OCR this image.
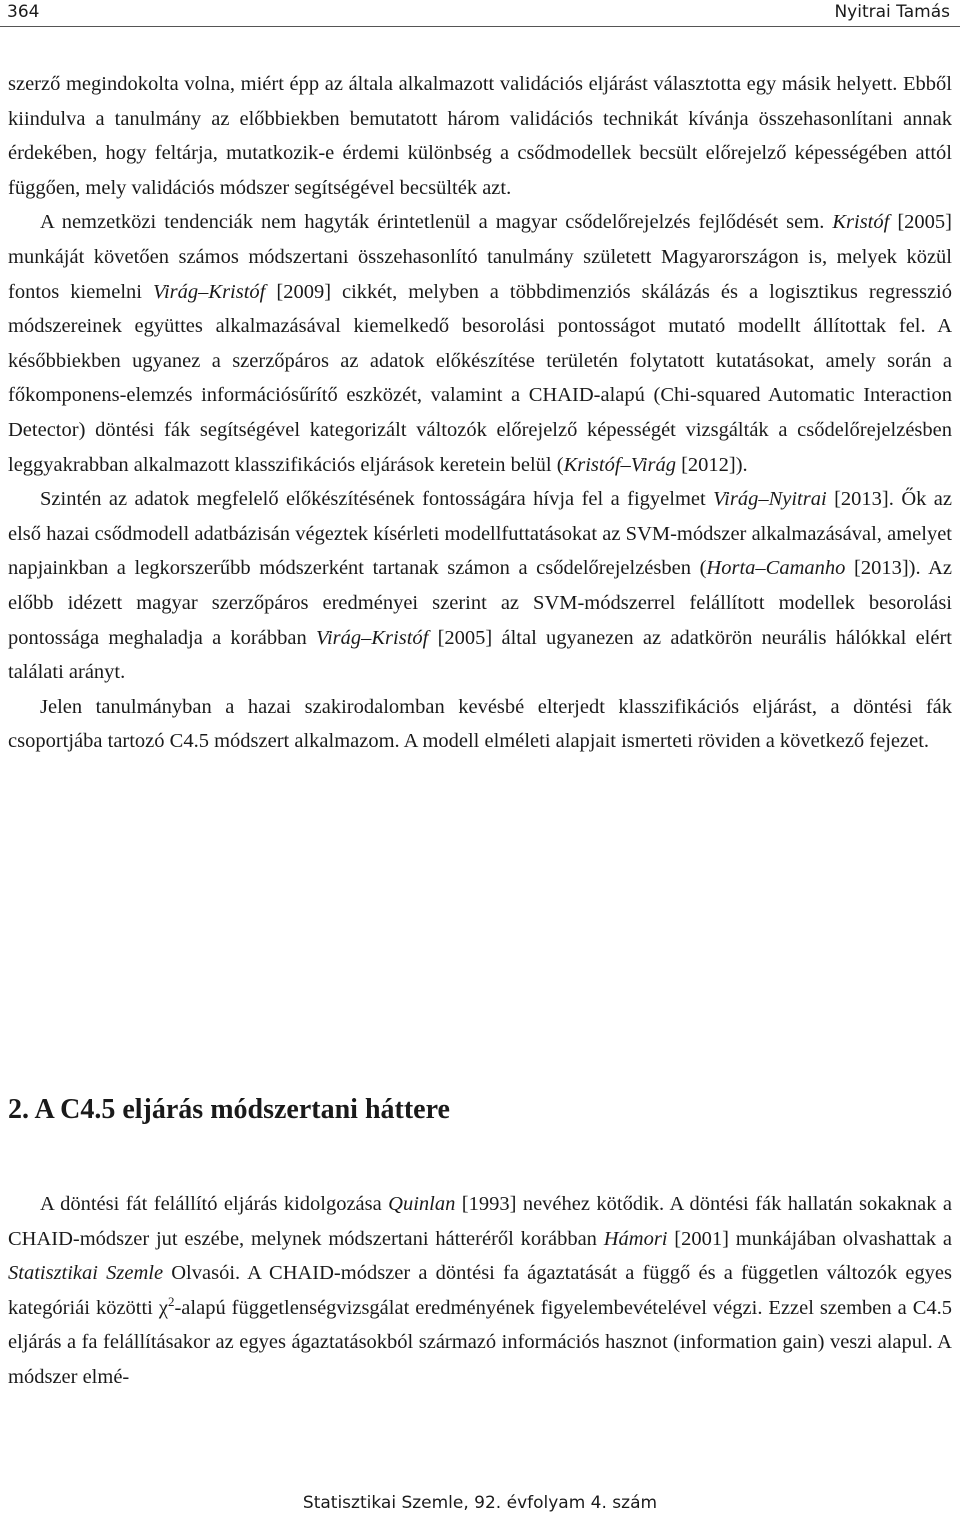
364	Nyitrai Tamás

szerző megindokolta volna, miért épp az általa alkalmazott validációs eljárást választotta egy másik helyett. Ebből kiindulva a tanulmány az előbbiekben bemutatott három validációs technikát kívánja összehasonlítani annak érdekében, hogy feltárja, mutatkozik-e érdemi különbség a csődmodellek becsült előrejelző képességében attól függően, mely validációs módszer segítségével becsülték azt.

A nemzetközi tendenciák nem hagyták érintetlenül a magyar csődelőrejelzés fejlődését sem. Kristóf [2005] munkáját követően számos módszertani összehasonlító tanulmány született Magyarországon is, melyek közül fontos kiemelni Virág–Kristóf [2009] cikkét, melyben a többdimenziós skálázás és a logisztikus regresszió módszereinek együttes alkalmazásával kiemelkedő besorolási pontosságot mutató modellt állítottak fel. A későbbiekben ugyanez a szerzőpáros az adatok előkészítése területén folytatott kutatásokat, amely során a főkomponens-elemzés információsűrítő eszközét, valamint a CHAID-alapú (Chi-squared Automatic Interaction Detector) döntési fák segítségével kategorizált változók előrejelző képességét vizsgálták a csődelőrejelzésben leggyakrabban alkalmazott klasszifikációs eljárások keretein belül (Kristóf–Virág [2012]).

Szintén az adatok megfelelő előkészítésének fontosságára hívja fel a figyelmet Virág–Nyitrai [2013]. Ők az első hazai csődmodell adatbázisán végeztek kísérleti modellfuttatásokat az SVM-módszer alkalmazásával, amelyet napjainkban a legkorszerűbb módszerként tartanak számon a csődelőrejelzésben (Horta–Camanho [2013]). Az előbb idézett magyar szerzőpáros eredményei szerint az SVM-módszerrel felállított modellek besorolási pontossága meghaladja a korábban Virág–Kristóf [2005] által ugyanezen az adatkörön neurális hálókkal elért találati arányt.

Jelen tanulmányban a hazai szakirodalomban kevésbé elterjedt klasszifikációs eljárást, a döntési fák csoportjába tartozó C4.5 módszert alkalmazom. A modell elméleti alapjait ismerteti röviden a következő fejezet.

2. A C4.5 eljárás módszertani háttere

A döntési fát felállító eljárás kidolgozása Quinlan [1993] nevéhez kötődik. A döntési fák hallatán sokaknak a CHAID-módszer jut eszébe, melynek módszertani hátteréről korábban Hámori [2001] munkájában olvashattak a Statisztikai Szemle Olvasói. A CHAID-módszer a döntési fa ágaztatását a függő és a független változók egyes kategóriái közötti $\chi^2$-alapú függetlenségvizsgálat eredményének figyelembevételével végzi. Ezzel szemben a C4.5 eljárás a fa felállításakor az egyes ágaztatásokból származó információs hasznot (information gain) veszi alapul. A módszer elmé-

Statisztikai Szemle, 92. évfolyam 4. szám
